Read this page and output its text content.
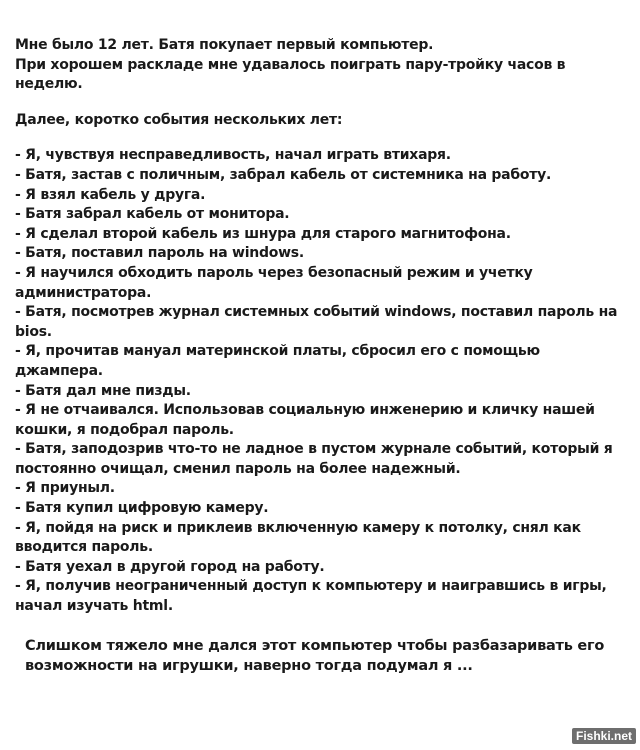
Мне было 12 лет. Батя покупает первый компьютер.

При хорошем раскладе мне удавалось поиграть пару-тройку часов в неделю.

Далее, коротко события нескольких лет:

- Я, чувствуя несправедливость, начал играть втихаря.

- Батя, застав с поличным, забрал кабель от системника на работу.

- Я взял кабель у друга.

- Батя забрал кабель от монитора.

- Я сделал второй кабель из шнура для старого магнитофона.

- Батя, поставил пароль на windows.

- Я научился обходить пароль через безопасный режим и учетку администратора.

- Батя, посмотрев журнал системных событий windows, поставил пароль на bios.

- Я, прочитав мануал материнской платы, сбросил его с помощью джампера.

- Батя дал мне пизды.

- Я не отчаивался. Использовав социальную инженерию и кличку нашей кошки, я подобрал пароль.

- Батя, заподозрив что-то не ладное в пустом журнале событий, который я постоянно очищал, сменил пароль на более надежный.

- Я приуныл.

- Батя купил цифровую камеру.

- Я, пойдя на риск и приклеив включенную камеру к потолку, снял как вводится пароль.

- Батя уехал в другой город на работу.

- Я, получив неограниченный доступ к компьютеру и наигравшись в игры, начал изучать html.

Слишком тяжело мне дался этот компьютер чтобы разбазаривать его возможности на игрушки, наверно тогда подумал я ...

Fishki.net
